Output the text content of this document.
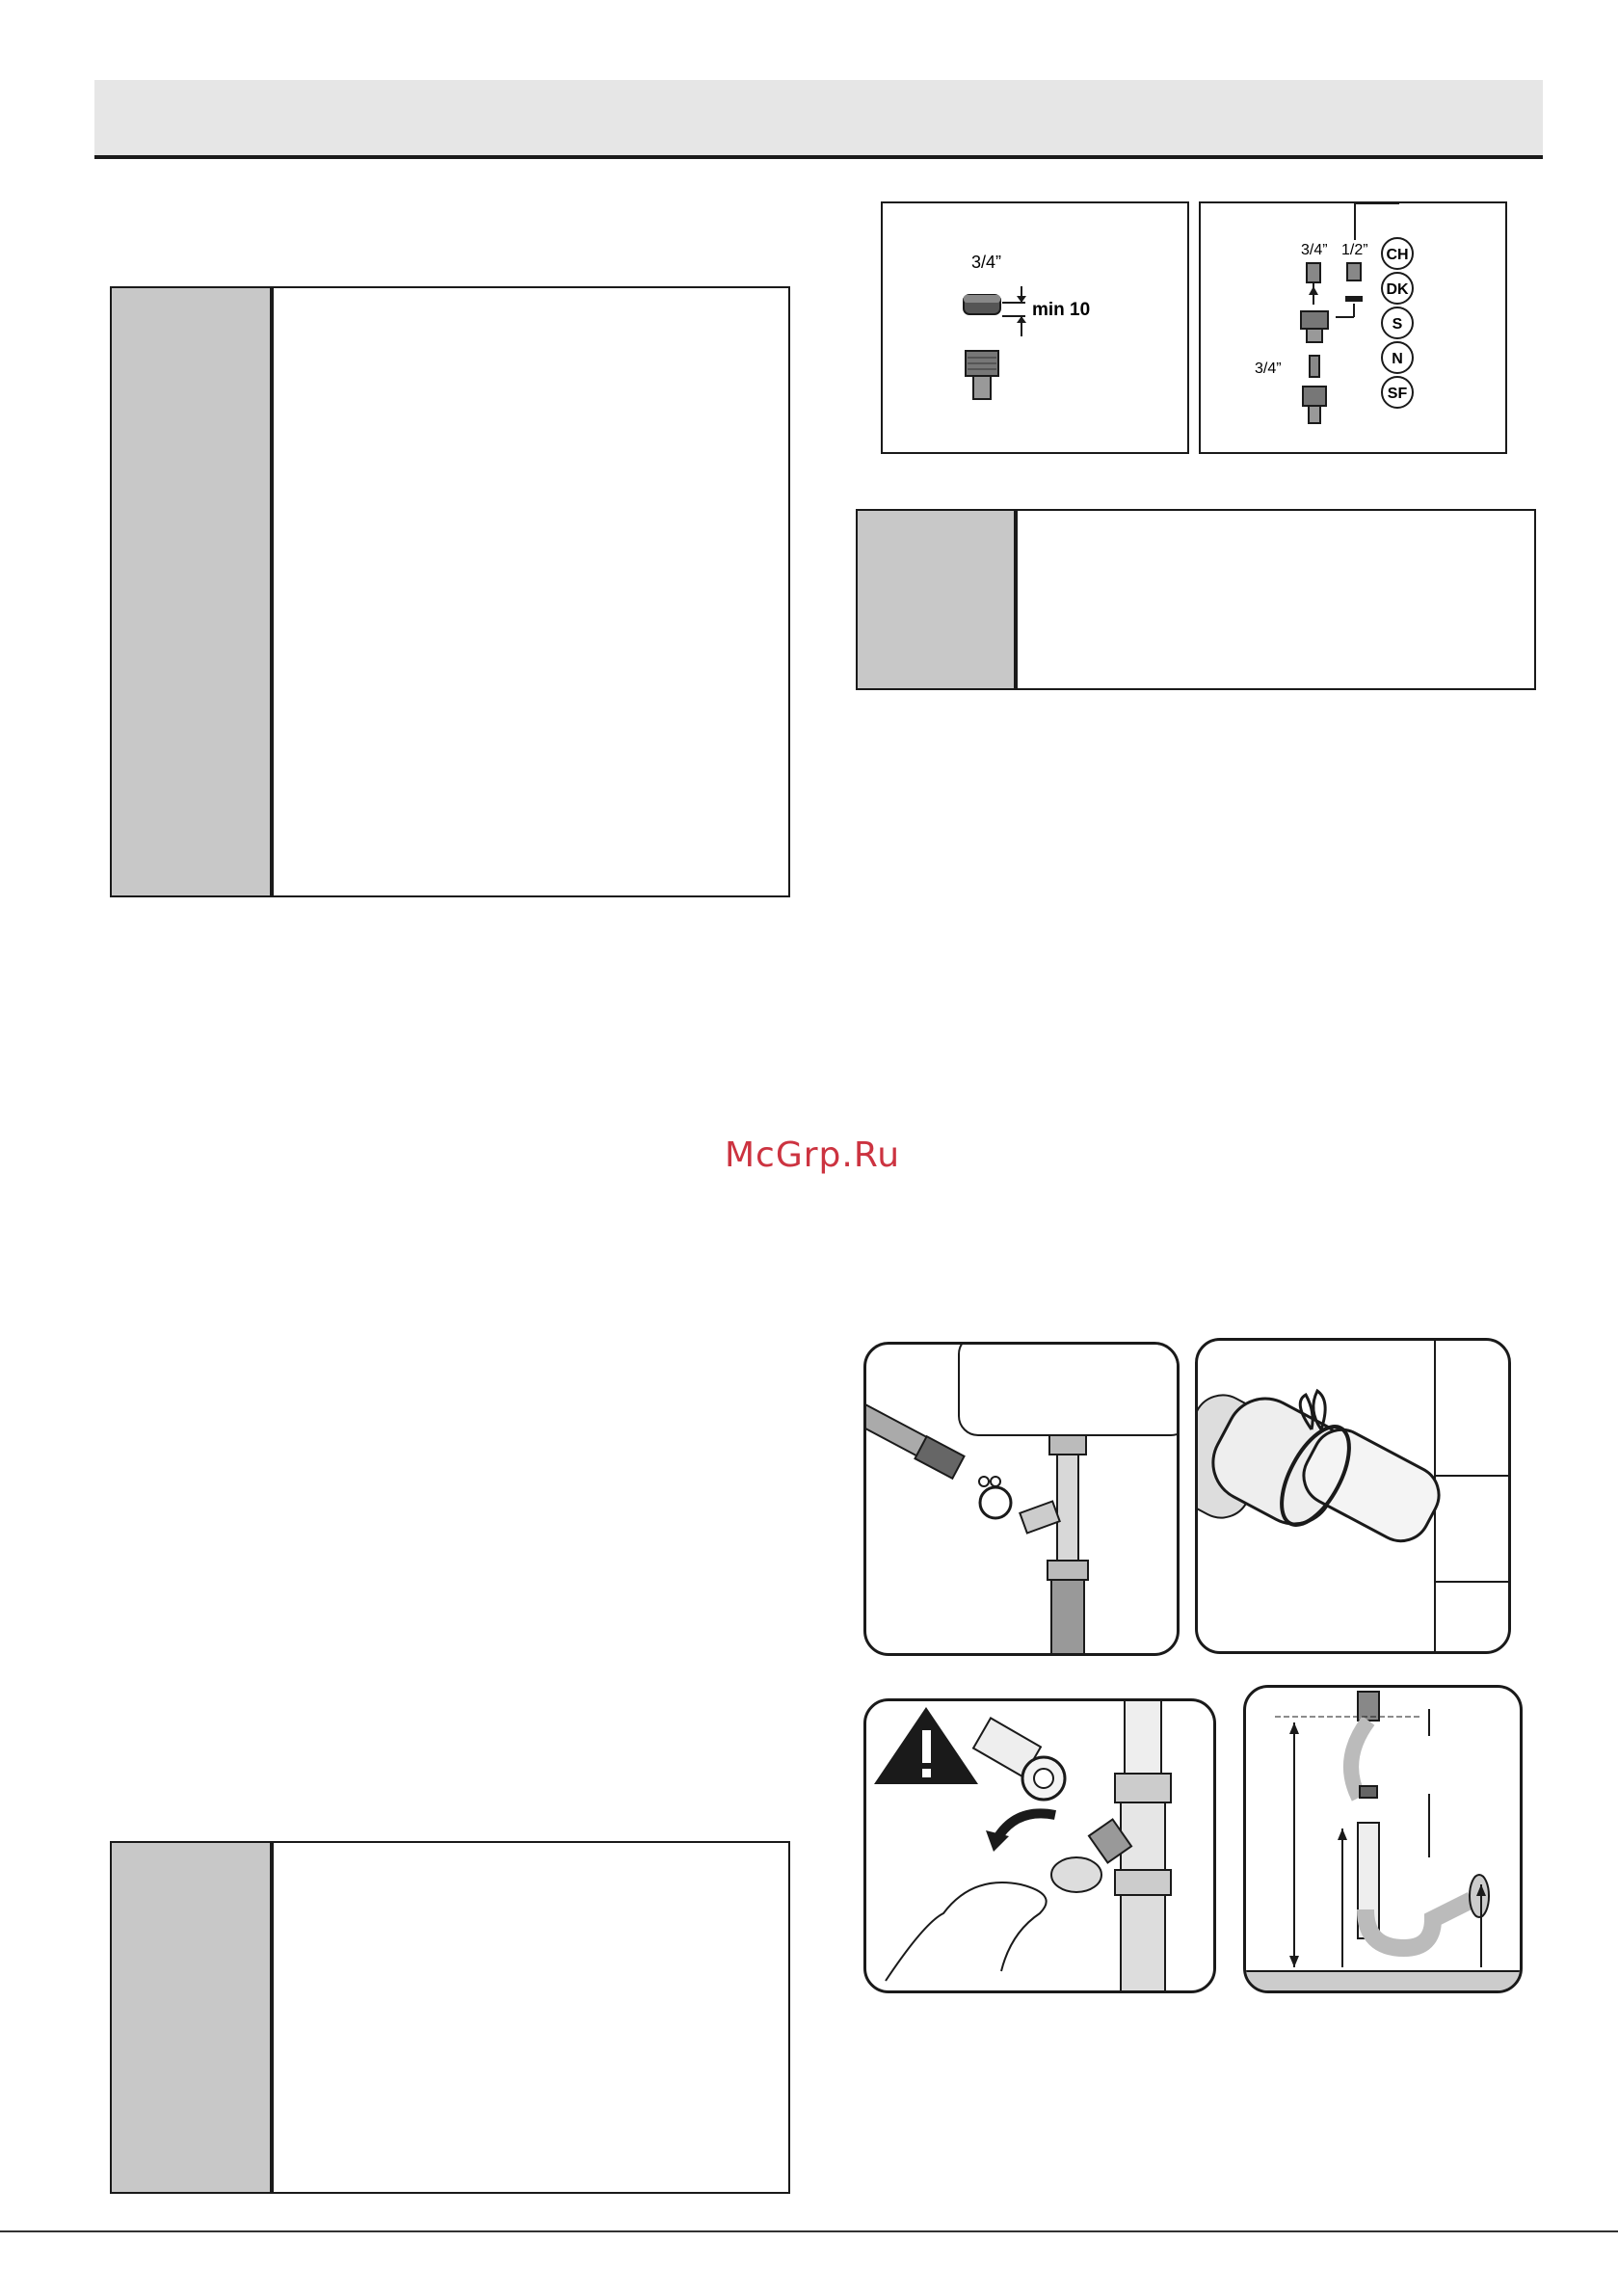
3/4”
min 10
3/4” 1/2”
3/4”
CH
DK
S
N
SF
McGrp.Ru
